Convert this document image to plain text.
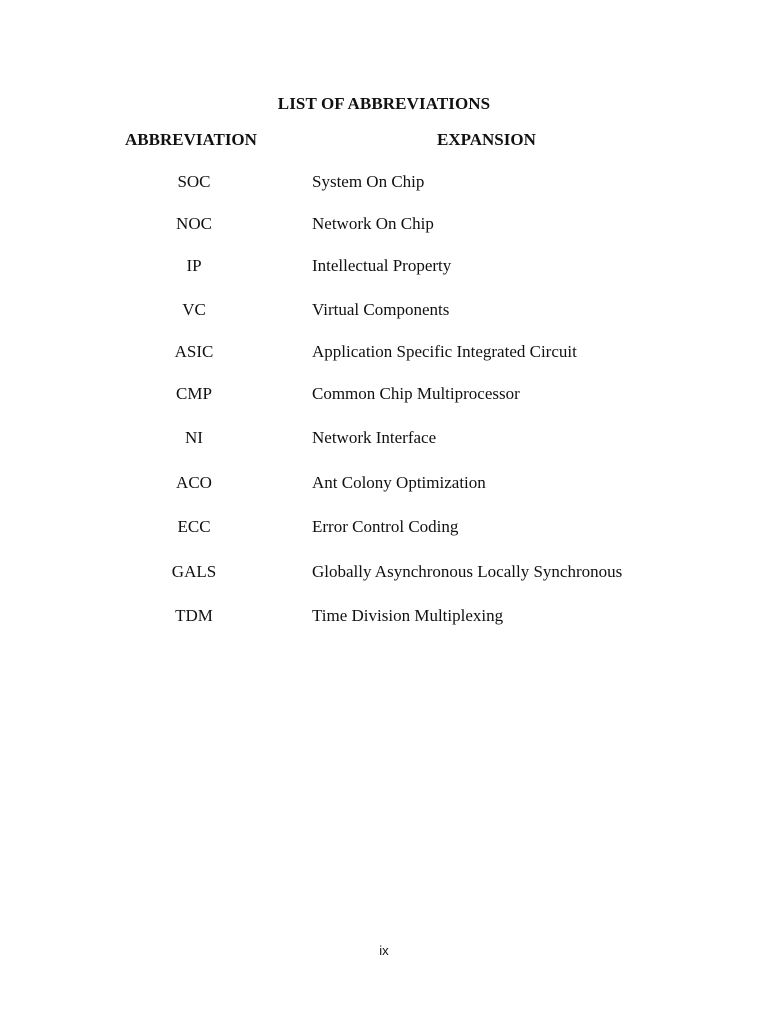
LIST OF ABBREVIATIONS
ABBREVIATION	EXPANSION
SOC	System On Chip
NOC	Network On Chip
IP	Intellectual Property
VC	Virtual Components
ASIC	Application Specific Integrated Circuit
CMP	Common Chip Multiprocessor
NI	Network Interface
ACO	Ant Colony Optimization
ECC	Error Control Coding
GALS	Globally Asynchronous Locally Synchronous
TDM	Time Division Multiplexing
ix
